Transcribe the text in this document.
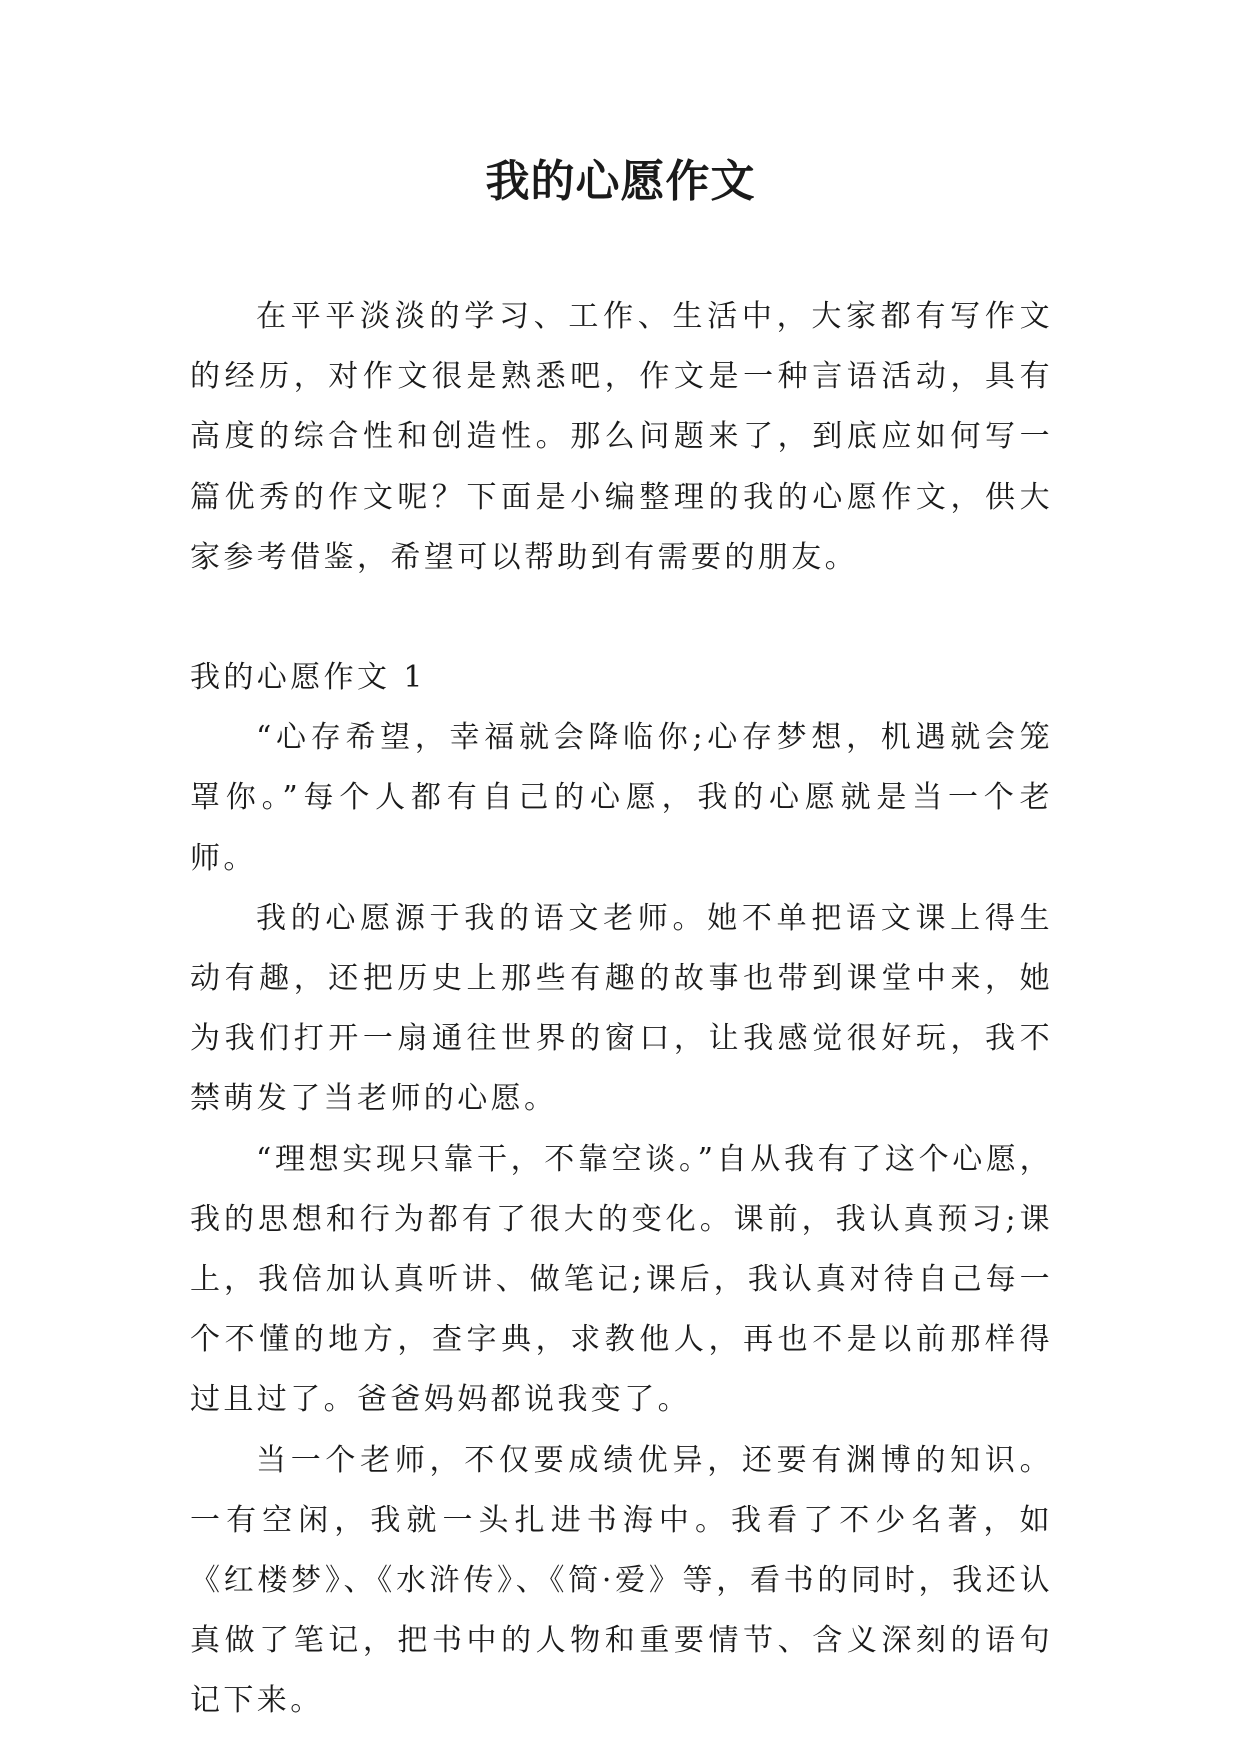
我的心愿作文

在平平淡淡的学习、工作、生活中，大家都有写作文的经历，对作文很是熟悉吧，作文是一种言语活动，具有高度的综合性和创造性。那么问题来了，到底应如何写一篇优秀的作文呢？下面是小编整理的我的心愿作文，供大家参考借鉴，希望可以帮助到有需要的朋友。

我的心愿作文 1

“心存希望，幸福就会降临你;心存梦想，机遇就会笼罩你。”每个人都有自己的心愿，我的心愿就是当一个老师。

我的心愿源于我的语文老师。她不单把语文课上得生动有趣，还把历史上那些有趣的故事也带到课堂中来，她为我们打开一扇通往世界的窗口，让我感觉很好玩，我不禁萌发了当老师的心愿。

“理想实现只靠干，不靠空谈。”自从我有了这个心愿，我的思想和行为都有了很大的变化。课前，我认真预习;课上，我倍加认真听讲、做笔记;课后，我认真对待自己每一个不懂的地方，查字典，求教他人，再也不是以前那样得过且过了。爸爸妈妈都说我变了。

当一个老师，不仅要成绩优异，还要有渊博的知识。一有空闲，我就一头扎进书海中。我看了不少名著，如《红楼梦》、《水浒传》、《简·爱》等，看书的同时，我还认真做了笔记，把书中的人物和重要情节、含义深刻的语句记下来。
